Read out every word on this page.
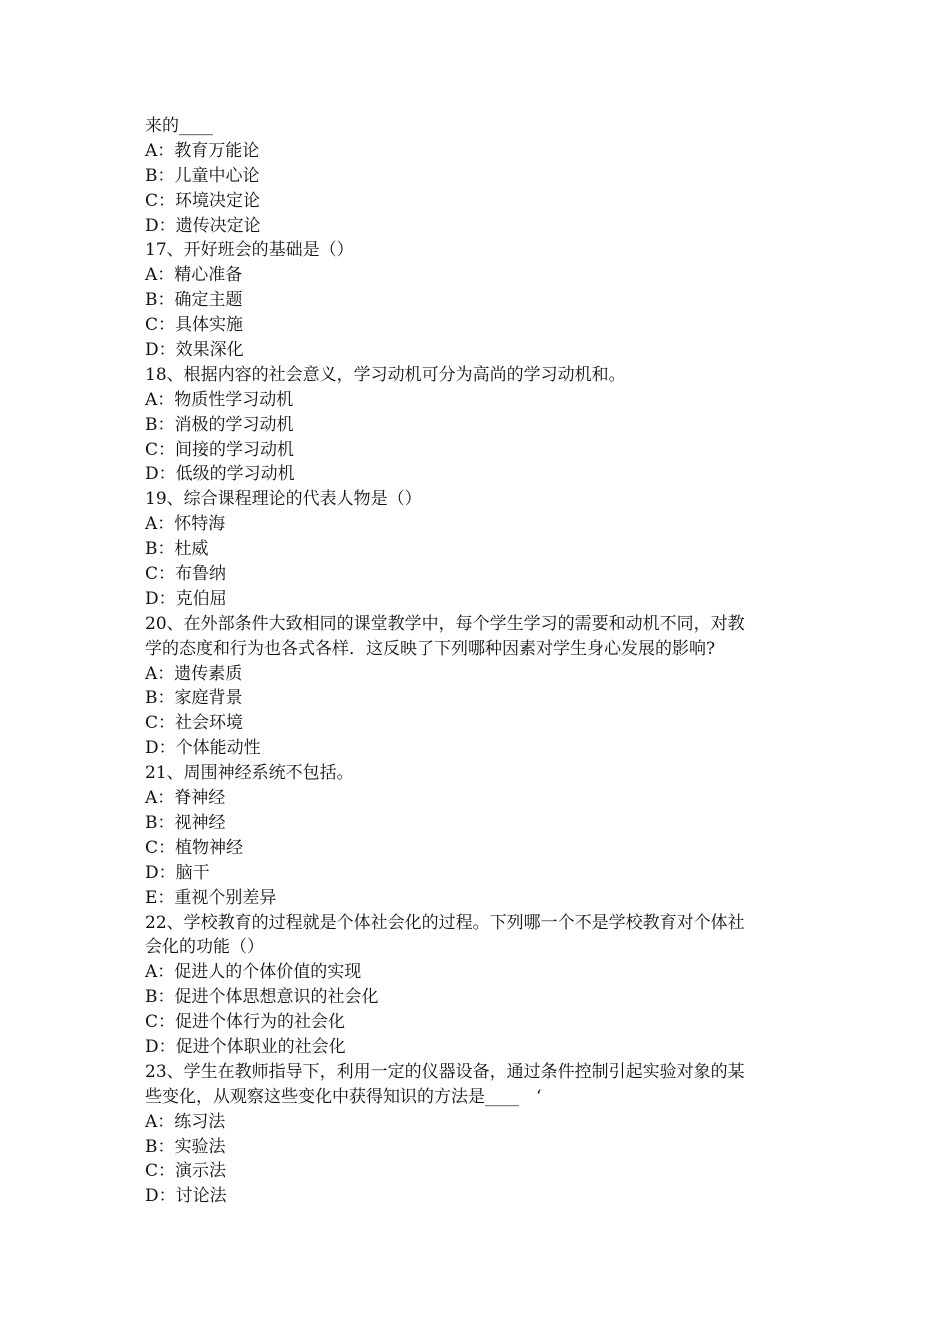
来的____
A：教育万能论
B：儿童中心论
C：环境决定论
D：遗传决定论
17、开好班会的基础是（）
A：精心准备
B：确定主题
C：具体实施
D：效果深化
18、根据内容的社会意义，学习动机可分为高尚的学习动机和。
A：物质性学习动机
B：消极的学习动机
C：间接的学习动机
D：低级的学习动机
19、综合课程理论的代表人物是（）
A：怀特海
B：杜威
C：布鲁纳
D：克伯屈
20、在外部条件大致相同的课堂教学中，每个学生学习的需要和动机不同，对教
学的态度和行为也各式各样．这反映了下列哪种因素对学生身心发展的影响?
A：遗传素质
B：家庭背景
C：社会环境
D：个体能动性
21、周围神经系统不包括。
A：脊神经
B：视神经
C：植物神经
D：脑干
E：重视个别差异
22、学校教育的过程就是个体社会化的过程。下列哪一个不是学校教育对个体社
会化的功能（）
A：促进人的个体价值的实现
B：促进个体思想意识的社会化
C：促进个体行为的社会化
D：促进个体职业的社会化
23、学生在教师指导下，利用一定的仪器设备，通过条件控制引起实验对象的某
些变化，从观察这些变化中获得知识的方法是____　‘
A：练习法
B：实验法
C：演示法
D：讨论法
